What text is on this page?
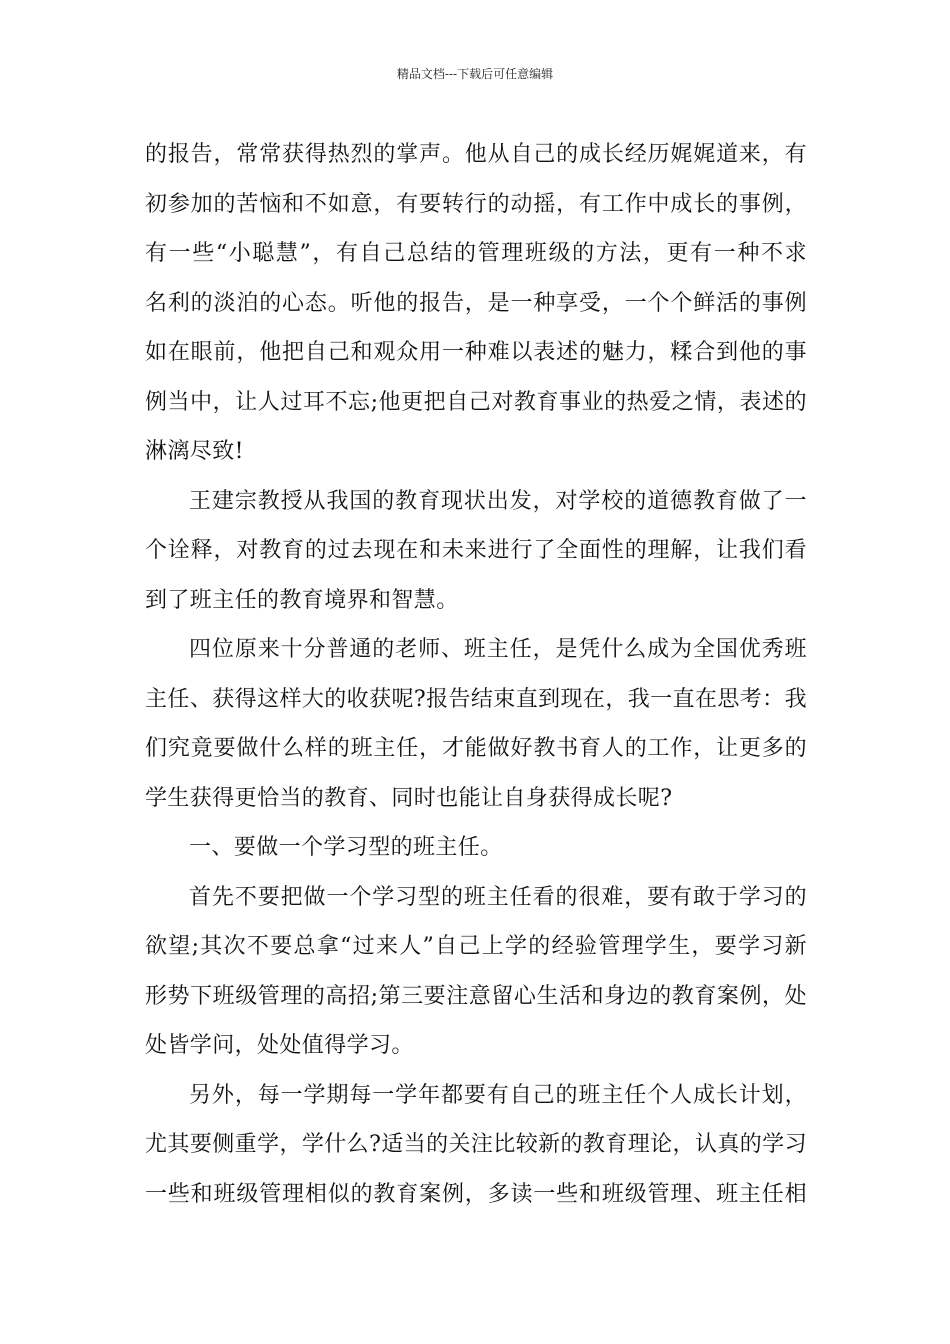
精品文档---下载后可任意编辑
的报告，常常获得热烈的掌声。他从自己的成长经历娓娓道来，有
初参加的苦恼和不如意，有要转行的动摇，有工作中成长的事例，
有一些“小聪慧”，有自己总结的管理班级的方法，更有一种不求
名利的淡泊的心态。听他的报告，是一种享受，一个个鲜活的事例
如在眼前，他把自己和观众用一种难以表述的魅力，糅合到他的事
例当中，让人过耳不忘;他更把自己对教育事业的热爱之情，表述的
淋漓尽致!
王建宗教授从我国的教育现状出发，对学校的道德教育做了一
个诠释，对教育的过去现在和未来进行了全面性的理解，让我们看
到了班主任的教育境界和智慧。
四位原来十分普通的老师、班主任，是凭什么成为全国优秀班
主任、获得这样大的收获呢?报告结束直到现在，我一直在思考：我
们究竟要做什么样的班主任，才能做好教书育人的工作，让更多的
学生获得更恰当的教育、同时也能让自身获得成长呢?
一、要做一个学习型的班主任。
首先不要把做一个学习型的班主任看的很难，要有敢于学习的
欲望;其次不要总拿“过来人”自己上学的经验管理学生，要学习新
形势下班级管理的高招;第三要注意留心生活和身边的教育案例，处
处皆学问，处处值得学习。
另外，每一学期每一学年都要有自己的班主任个人成长计划，
尤其要侧重学，学什么?适当的关注比较新的教育理论，认真的学习
一些和班级管理相似的教育案例，多读一些和班级管理、班主任相
